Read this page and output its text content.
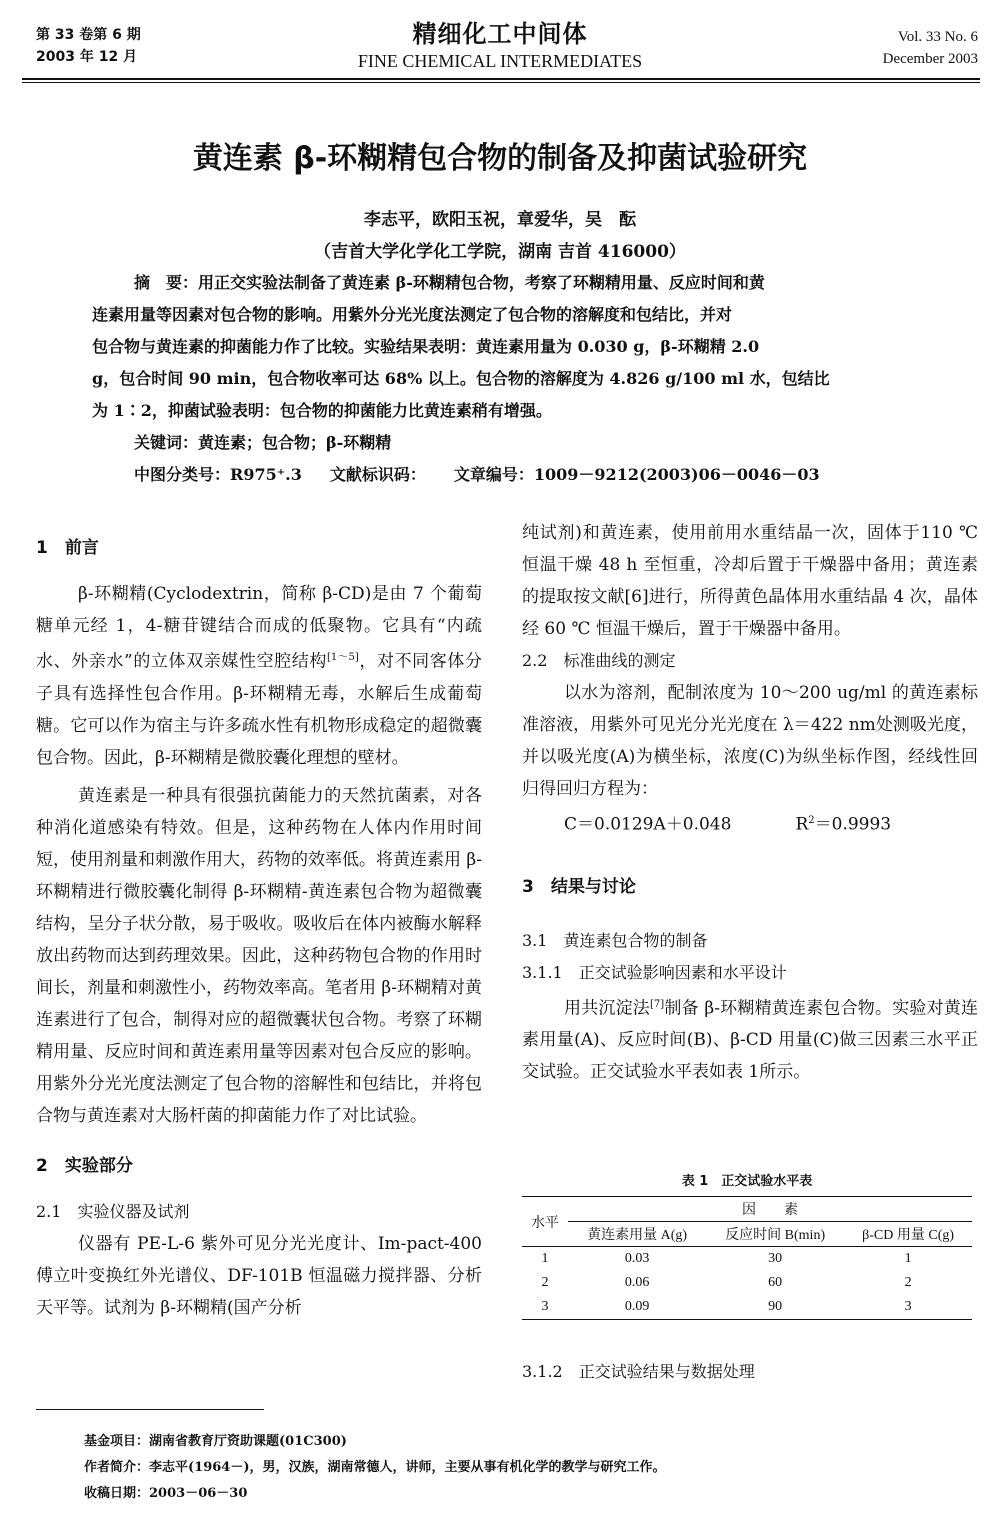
第 33 卷第 6 期
2003 年 12 月
精细化工中间体
FINE CHEMICAL INTERMEDIATES
Vol. 33 No. 6
December 2003
黄连素 β-环糊精包合物的制备及抑菌试验研究
李志平，欧阳玉祝，章爱华，吴　酝
（吉首大学化学化工学院，湖南 吉首 416000）
摘　要：用正交实验法制备了黄连素 β-环糊精包合物，考察了环糊精用量、反应时间和黄
连素用量等因素对包合物的影响。用紫外分光光度法测定了包合物的溶解度和包结比，并对
包合物与黄连素的抑菌能力作了比较。实验结果表明：黄连素用量为 0.030 g，β-环糊精 2.0
g，包合时间 90 min，包合物收率可达 68% 以上。包合物的溶解度为 4.826 g/100 ml 水，包结比
为 1∶2，抑菌试验表明：包合物的抑菌能力比黄连素稍有增强。
关键词：黄连素；包合物；β-环糊精
中图分类号：R975⁺.3 文献标识码： 文章编号：1009－9212(2003)06－0046－03

1　前言

β-环糊精(Cyclodextrin，简称 β-CD)是由 7 个葡萄糖单元经 1，4-糖苷键结合而成的低聚物。它具有“内疏水、外亲水”的立体双亲媒性空腔结构[1～5]，对不同客体分子具有选择性包合作用。β-环糊精无毒，水解后生成葡萄糖。它可以作为宿主与许多疏水性有机物形成稳定的超微囊包合物。因此，β-环糊精是微胶囊化理想的壁材。

黄连素是一种具有很强抗菌能力的天然抗菌素，对各种消化道感染有特效。但是，这种药物在人体内作用时间短，使用剂量和刺激作用大，药物的效率低。将黄连素用 β-环糊精进行微胶囊化制得 β-环糊精-黄连素包合物为超微囊结构，呈分子状分散，易于吸收。吸收后在体内被酶水解释放出药物而达到药理效果。因此，这种药物包合物的作用时间长，剂量和刺激性小，药物效率高。笔者用 β-环糊精对黄连素进行了包合，制得对应的超微囊状包合物。考察了环糊精用量、反应时间和黄连素用量等因素对包合反应的影响。用紫外分光光度法测定了包合物的溶解性和包结比，并将包合物与黄连素对大肠杆菌的抑菌能力作了对比试验。

2　实验部分

2.1　实验仪器及试剂

仪器有 PE-L-6 紫外可见分光光度计、Im-pact-400 傅立叶变换红外光谱仪、DF-101B 恒温磁力搅拌器、分析天平等。试剂为 β-环糊精(国产分析

纯试剂)和黄连素，使用前用水重结晶一次，固体于110 ℃ 恒温干燥 48 h 至恒重，冷却后置于干燥器中备用；黄连素的提取按文献[6]进行，所得黄色晶体用水重结晶 4 次，晶体经 60 ℃ 恒温干燥后，置于干燥器中备用。

2.2　标准曲线的测定

以水为溶剂，配制浓度为 10～200 ug/ml 的黄连素标准溶液，用紫外可见光分光光度在 λ＝422 nm处测吸光度，并以吸光度(A)为横坐标，浓度(C)为纵坐标作图，经线性回归得回归方程为：

C＝0.0129A＋0.048	$R^2=0.9993$

3　结果与讨论

3.1　黄连素包合物的制备

3.1.1　正交试验影响因素和水平设计

用共沉淀法[7]制备 β-环糊精黄连素包合物。实验对黄连素用量(A)、反应时间(B)、β-CD 用量(C)做三因素三水平正交试验。正交试验水平表如表 1所示。

表 1　正交试验水平表
水平	因　　素		
	黄连素用量 A(g)	反应时间 B(min)	β-CD 用量 C(g)
1	0.03	30	1
2	0.06	60	2
3	0.09	90	3
3.1.2　正交试验结果与数据处理
基金项目：湖南省教育厅资助课题(01C300)
作者简介：李志平(1964－)，男，汉族，湖南常德人，讲师，主要从事有机化学的教学与研究工作。
收稿日期：2003－06－30
